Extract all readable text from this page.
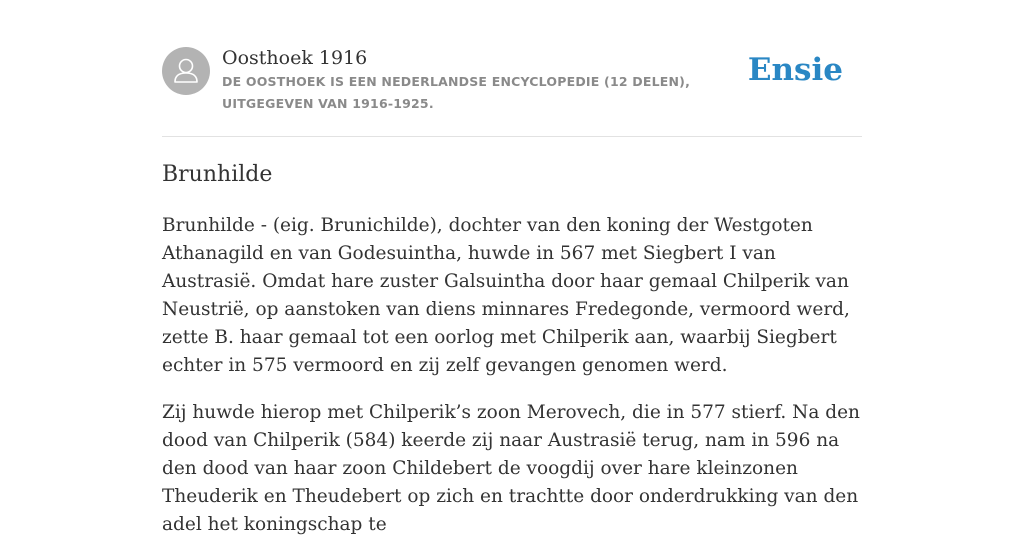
Oosthoek 1916
DE OOSTHOEK IS EEN NEDERLANDSE ENCYCLOPEDIE (12 DELEN), UITGEGEVEN VAN 1916-1925.
Ensie
Brunhilde

Brunhilde - (eig. Brunichilde), dochter van den koning der Westgoten Athanagild en van Godesuintha, huwde in 567 met Siegbert I van Austrasië. Omdat hare zuster Galsuintha door haar gemaal Chilperik van Neustrië, op aanstoken van diens minnares Fredegonde, vermoord werd, zette B. haar gemaal tot een oorlog met Chilperik aan, waarbij Siegbert echter in 575 vermoord en zij zelf gevangen genomen werd.

Zij huwde hierop met Chilperik’s zoon Merovech, die in 577 stierf. Na den dood van Chilperik (584) keerde zij naar Austrasië terug, nam in 596 na den dood van haar zoon Childebert de voogdij over hare kleinzonen Theuderik en Theudebert op zich en trachtte door onderdrukking van den adel het koningschap te
